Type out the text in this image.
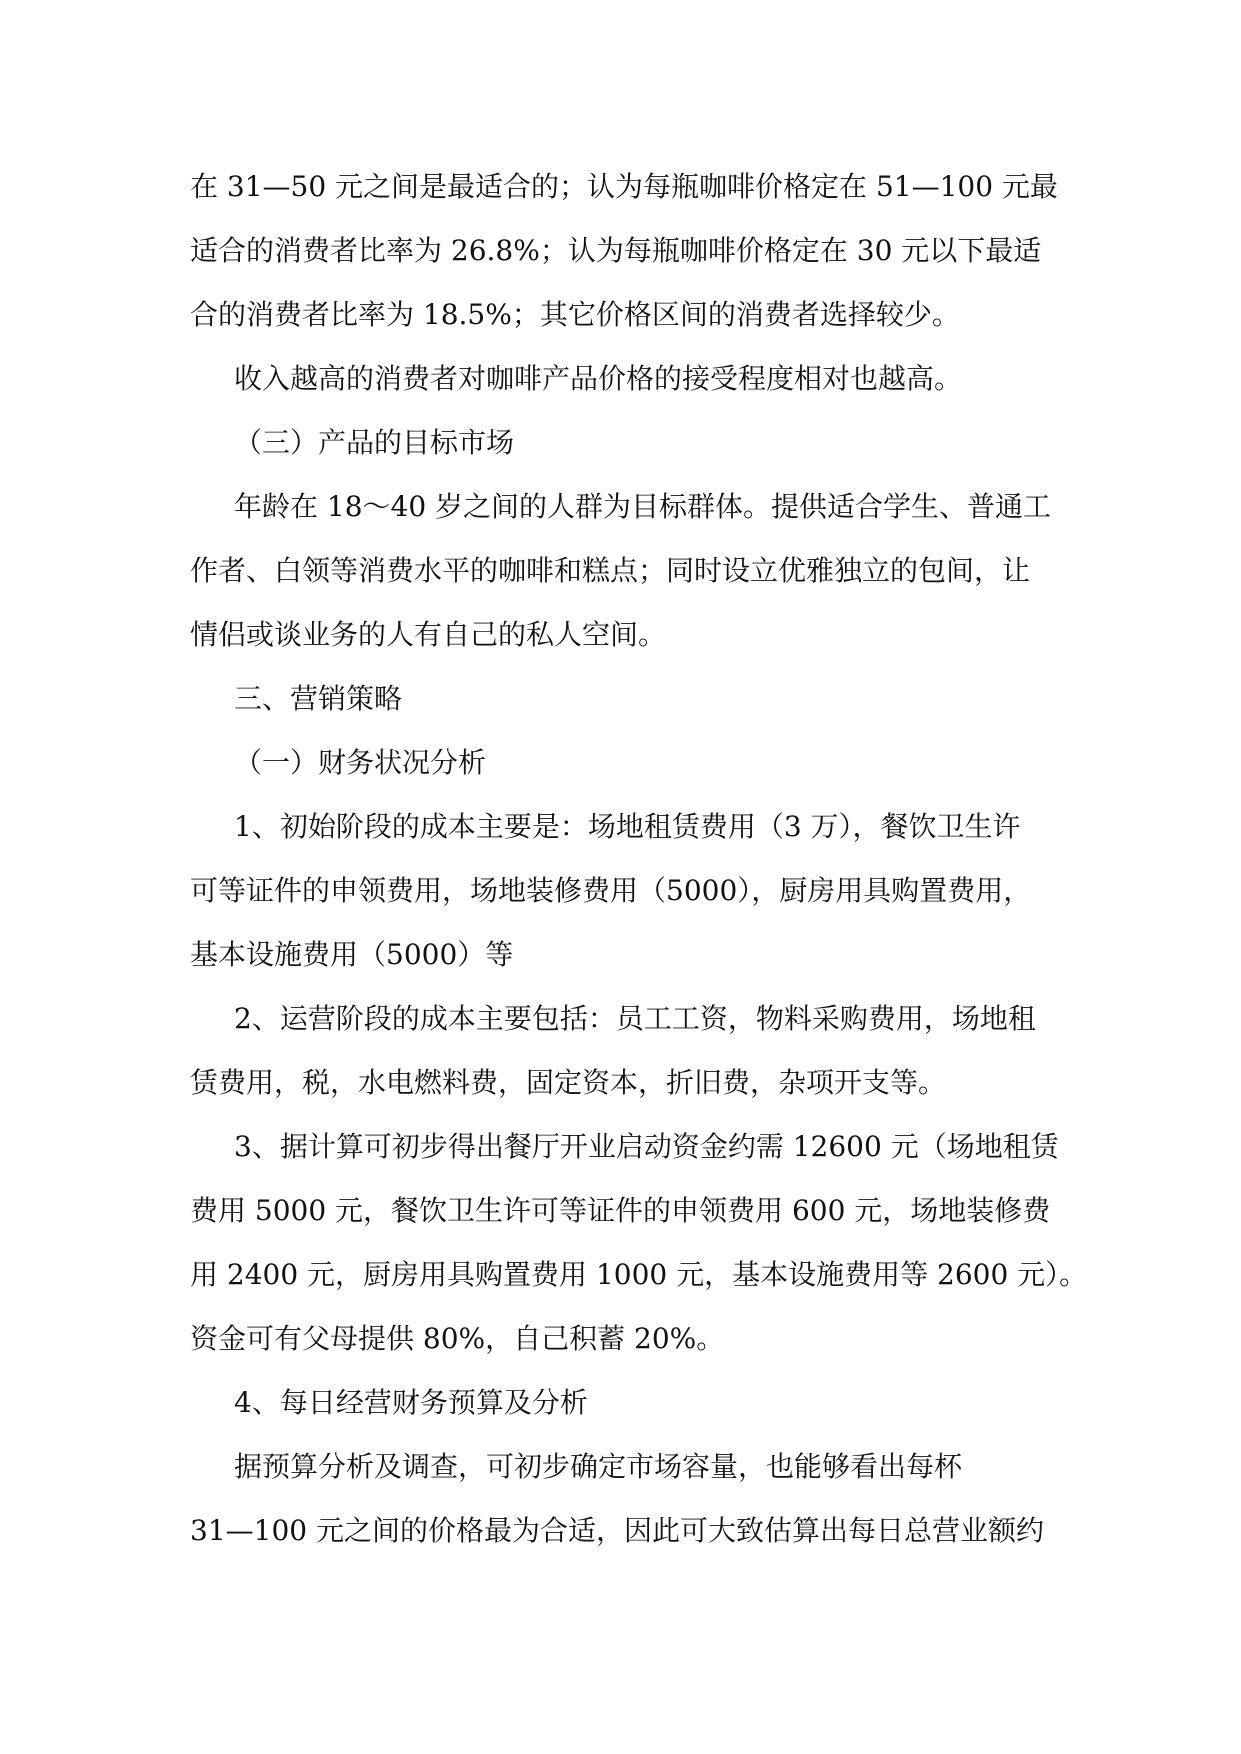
在 31—50 元之间是最适合的；认为每瓶咖啡价格定在 51—100 元最
适合的消费者比率为 26.8%；认为每瓶咖啡价格定在 30 元以下最适
合的消费者比率为 18.5%；其它价格区间的消费者选择较少。
收入越高的消费者对咖啡产品价格的接受程度相对也越高。
（三）产品的目标市场
年龄在 18～40 岁之间的人群为目标群体。提供适合学生、普通工
作者、白领等消费水平的咖啡和糕点；同时设立优雅独立的包间，让
情侣或谈业务的人有自己的私人空间。
三、营销策略
（一）财务状况分析
1、初始阶段的成本主要是：场地租赁费用（3 万），餐饮卫生许
可等证件的申领费用，场地装修费用（5000），厨房用具购置费用，
基本设施费用（5000）等
2、运营阶段的成本主要包括：员工工资，物料采购费用，场地租
赁费用，税，水电燃料费，固定资本，折旧费，杂项开支等。
3、据计算可初步得出餐厅开业启动资金约需 12600 元（场地租赁
费用 5000 元，餐饮卫生许可等证件的申领费用 600 元，场地装修费
用 2400 元，厨房用具购置费用 1000 元，基本设施费用等 2600 元）。
资金可有父母提供 80%，自己积蓄 20%。
4、每日经营财务预算及分析
据预算分析及调查，可初步确定市场容量，也能够看出每杯
31—100 元之间的价格最为合适，因此可大致估算出每日总营业额约
